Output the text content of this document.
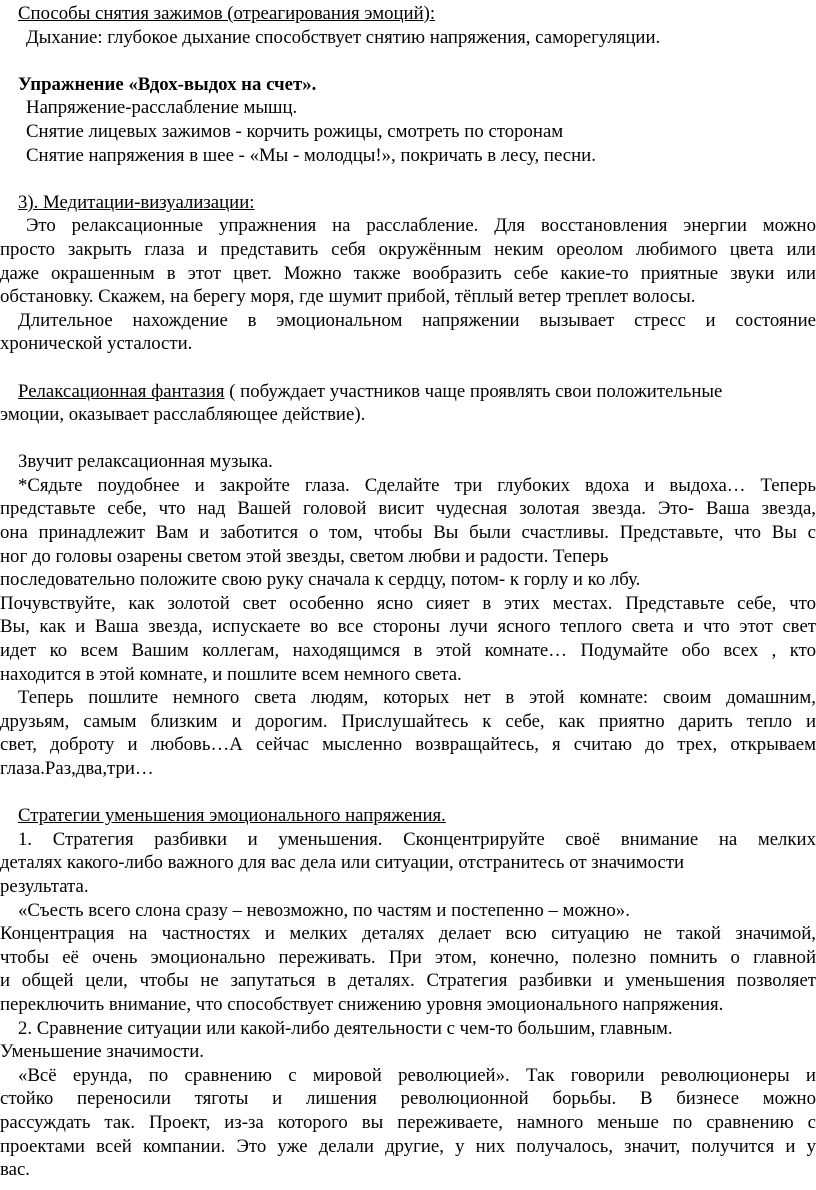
Способы снятия зажимов (отреагирования эмоций):
Дыхание: глубокое дыхание способствует снятию напряжения, саморегуляции.
Упражнение «Вдох-выдох на счет».
Напряжение-расслабление мышц.
Снятие лицевых зажимов - корчить рожицы, смотреть по сторонам
Снятие напряжения в шее - «Мы - молодцы!», покричать в лесу, песни.
3). Медитации-визуализации:
Это релаксационные упражнения на расслабление. Для восстановления энергии можно
просто закрыть глаза и представить себя окружённым неким ореолом любимого цвета или
даже окрашенным в этот цвет. Можно также вообразить себе какие-то приятные звуки или
обстановку. Скажем, на берегу моря, где шумит прибой, тёплый ветер треплет волосы.
Длительное нахождение в эмоциональном напряжении вызывает стресс и состояние
хронической усталости.
Релаксационная фантазия ( побуждает участников чаще проявлять свои положительные
эмоции, оказывает расслабляющее действие).
Звучит релаксационная музыка.
*Сядьте поудобнее и закройте глаза. Сделайте три глубоких вдоха и выдоха… Теперь
представьте себе, что над Вашей головой висит чудесная золотая звезда. Это- Ваша звезда,
она принадлежит Вам и заботится о том, чтобы Вы были счастливы. Представьте, что Вы с
ног до головы озарены светом этой звезды, светом любви и радости. Теперь
последовательно положите свою руку сначала к сердцу, потом- к горлу и ко лбу.
Почувствуйте, как золотой свет особенно ясно сияет в этих местах. Представьте себе, что
Вы, как и Ваша звезда, испускаете во все стороны лучи ясного теплого света и что этот свет
идет ко всем Вашим коллегам, находящимся в этой комнате… Подумайте обо всех , кто
находится в этой комнате, и пошлите всем немного света.
Теперь пошлите немного света людям, которых нет в этой комнате: своим домашним,
друзьям, самым близким и дорогим. Прислушайтесь к себе, как приятно дарить тепло и
свет, доброту и любовь…А сейчас мысленно возвращайтесь, я считаю до трех, открываем
глаза.Раз,два,три…
Стратегии уменьшения эмоционального напряжения.
1. Стратегия разбивки и уменьшения. Сконцентрируйте своё внимание на мелких
деталях какого-либо важного для вас дела или ситуации, отстранитесь от значимости
результата.
«Съесть всего слона сразу – невозможно, по частям и постепенно – можно».
Концентрация на частностях и мелких деталях делает всю ситуацию не такой значимой,
чтобы её очень эмоционально переживать. При этом, конечно, полезно помнить о главной
и общей цели, чтобы не запутаться в деталях. Стратегия разбивки и уменьшения позволяет
переключить внимание, что способствует снижению уровня эмоционального напряжения.
2. Сравнение ситуации или какой-либо деятельности с чем-то большим, главным.
Уменьшение значимости.
«Всё ерунда, по сравнению с мировой революцией». Так говорили революционеры и
стойко переносили тяготы и лишения революционной борьбы. В бизнесе можно
рассуждать так. Проект, из-за которого вы переживаете, намного меньше по сравнению с
проектами всей компании. Это уже делали другие, у них получалось, значит, получится и у
вас.
